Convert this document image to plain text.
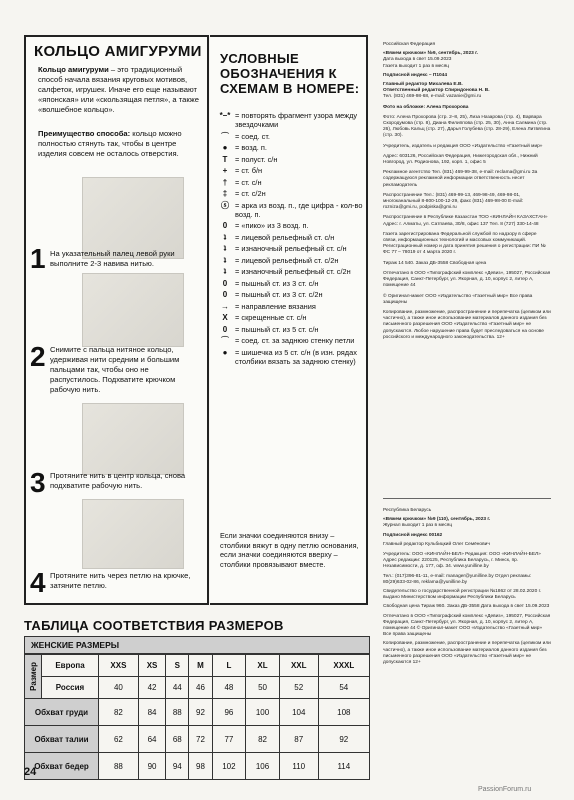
КОЛЬЦО АМИГУРУМИ
Кольцо амигуруми – это традиционный способ начала вязания круговых мотивов, салфеток, игрушек. Иначе его еще называют «японская» или «скользящая петля», а также «волшебное кольцо».
Преимущество способа: кольцо можно полностью стянуть так, чтобы в центре изделия совсем не осталось отверстия.
1 На указательный палец левой руки выполните 2-3 навива нитью.
2 Снимите с пальца нитяное кольцо, удерживая нити средним и большим пальцами так, чтобы оно не распустилось. Подхватите крючком рабочую нить.
3 Протяните нить в центр кольца, снова подхватите рабочую нить.
4 Протяните нить через петлю на крючке, затяните петлю.
УСЛОВНЫЕ ОБОЗНАЧЕНИЯ К СХЕМАМ В НОМЕРЕ:
*–* = повторять фрагмент узора между звездочками
⌒ = соед. ст.
●	= возд. п.
T	= полуст. с/н
+	= ст. б/н
†	= ст. с/н
‡	= ст. с/2н
ⓢ = арка из возд. п., где цифра - кол-во возд. п.
0	= «пико» из 3 возд. п.
ʇ	= лицевой рельефный ст. с/н
ʇ	= изнаночный рельефный ст. с/н
ʇ	= лицевой рельефный ст. с/2н
ʇ	= изнаночный рельефный ст. с/2н
0	= пышный ст. из 3 ст. с/н
0	= пышный ст. из 3 ст. с/2н
→ = направление вязания
X = скрещенные ст. с/н
0	= пышный ст. из 5 ст. с/н
⌒ = соед. ст. за заднюю стенку петли
●	= шишечка из 5 ст. с/н (в изн. рядах столбики вязать за заднюю стенку)
Если значки соединяются внизу – столбики вяжут в одну петлю основания, если значки соединяются вверху – столбики провязывают вместе.
Российская Федерация
«Вяжем крючком» №9, сентябрь, 2023 г.
Дата выхода в свет 15.09.2023
Газета выходит 1 раз в месяц
Подписной индекс – П1044
Главный редактор Михалева Е.В.
Ответственный редактор Спиридонова Н. В.
Тел. (831) 469-98-68, e-mail: vazanie@gmi.ru
Фото на обложке: Алена Прохорова
Фото: Алена Прохорова (стр. 2–8, 25), Лиза Назарова (стр. 4), Варвара Скородумова (стр. 8), Диана Филиппова (стр. 25, 30), Анна Салмина (стр. 26), Любовь Кальц (стр. 27), Дарья Голубева (стр. 28-29), Елена Литвягина (стр. 30).
Учредитель, издатель и редакция ООО «Издательство «Газетный мир»
Адрес: 603126, Российская Федерация, Нижегородская обл., Нижний Новгород, ул. Родионова, 192, корп. 1, офис 5
Рекламное агентство Тел. (831) 469-99-38, e-mail: reclama@gmi.ru За содержащуюся рекламной информации ответственность несет рекламодатель
Распространение Тел.: (831) 469-99-13, 469-98-49, 469-98-01, многоканальный 8-800-100-12-29, факс (831) 469-98-00 E-mail: rozniza@gmi.ru, podpiska@gmi.ru
Распространение в Республике Казахстан ТОО «КИНЛАЙН КАЗАХСТАН» Адрес: г. Алматы, ул. Сатпаева, 30/8, офис 137 Тел. 8 (727) 330-14-48
Газета зарегистрирована Федеральной службой по надзору в сфере связи, информационных технологий и массовых коммуникаций. Регистрационный номер и дата принятия решения о регистрации: ПИ № ФС 77 – 78019 от 4 марта 2020 г.
Тираж 14 540. Заказ ДБ-3558 Свободная цена
Отпечатано в ООО «Типографский комплекс «Девиз», 195027, Российская Федерация, Санкт-Петербург, ул. Якорная, д. 10, корпус 2, литер А, помещение 44
© Оригинал-макет ООО «Издательство «Газетный мир» Все права защищены
Копирование, размножение, распространение и перепечатка (целиком или частично), а также иное использование материалов данного издания без письменного разрешения ООО «Издательство «Газетный мир» не допускаются. Любое нарушение права будет преследоваться на основе российского и международного законодательства. 12+
Республика Беларусь
«Вяжем крючком» №9 (110), сентябрь, 2023 г.
Журнал выходит 1 раз в месяц
Подписной индекс 00162
Главный редактор Кульбицкий Олег Семёнович
Учредитель: ООО «КИНЛАЙН-БЕЛ» Редакция: ООО «КИНЛАЙН-БЕЛ» Адрес редакции: 220125, Республика Беларусь, г. Минск, пр. Независимости, д. 177, оф. 34. www.yunilline.by
Тел.: (017)396-81-11, e-mail: manager@yunilline.by Отдел рекламы: 80(29)633-02-86, reklama@yunilline.by
Свидетельство о государственной регистрации №1862 от 28.02.2020 г. выдано Министерством информации Республики Беларусь
Свободная цена Тираж 960. Заказ ДБ-3558 Дата выхода в свет 15.09.2023
Отпечатано в ООО «Типографский комплекс «Девиз», 195027, Российская Федерация, Санкт-Петербург, ул. Якорная, д. 10, корпус 2, литер А, помещение 44 © Оригинал-макет ООО «Издательство «Газетный мир» Все права защищены
Копирование, размножение, распространение и перепечатка (целиком или частично), а также иное использование материалов данного издания без письменного разрешения ООО «Издательство «Газетный мир» не допускаются 12+
ТАБЛИЦА СООТВЕТСТВИЯ РАЗМЕРОВ
ЖЕНСКИЕ РАЗМЕРЫ
Размер	Европа	XXS	XS	S	M	L	XL	XXL	XXXL
	Россия	40	42	44	46	48	50	52	54
Обхват груди		82	84	88	92	96	100	104	108
Обхват талии		62	64	68	72	77	82	87	92
Обхват бедер		88	90	94	98	102	106	110	114
24
PassionForum.ru
